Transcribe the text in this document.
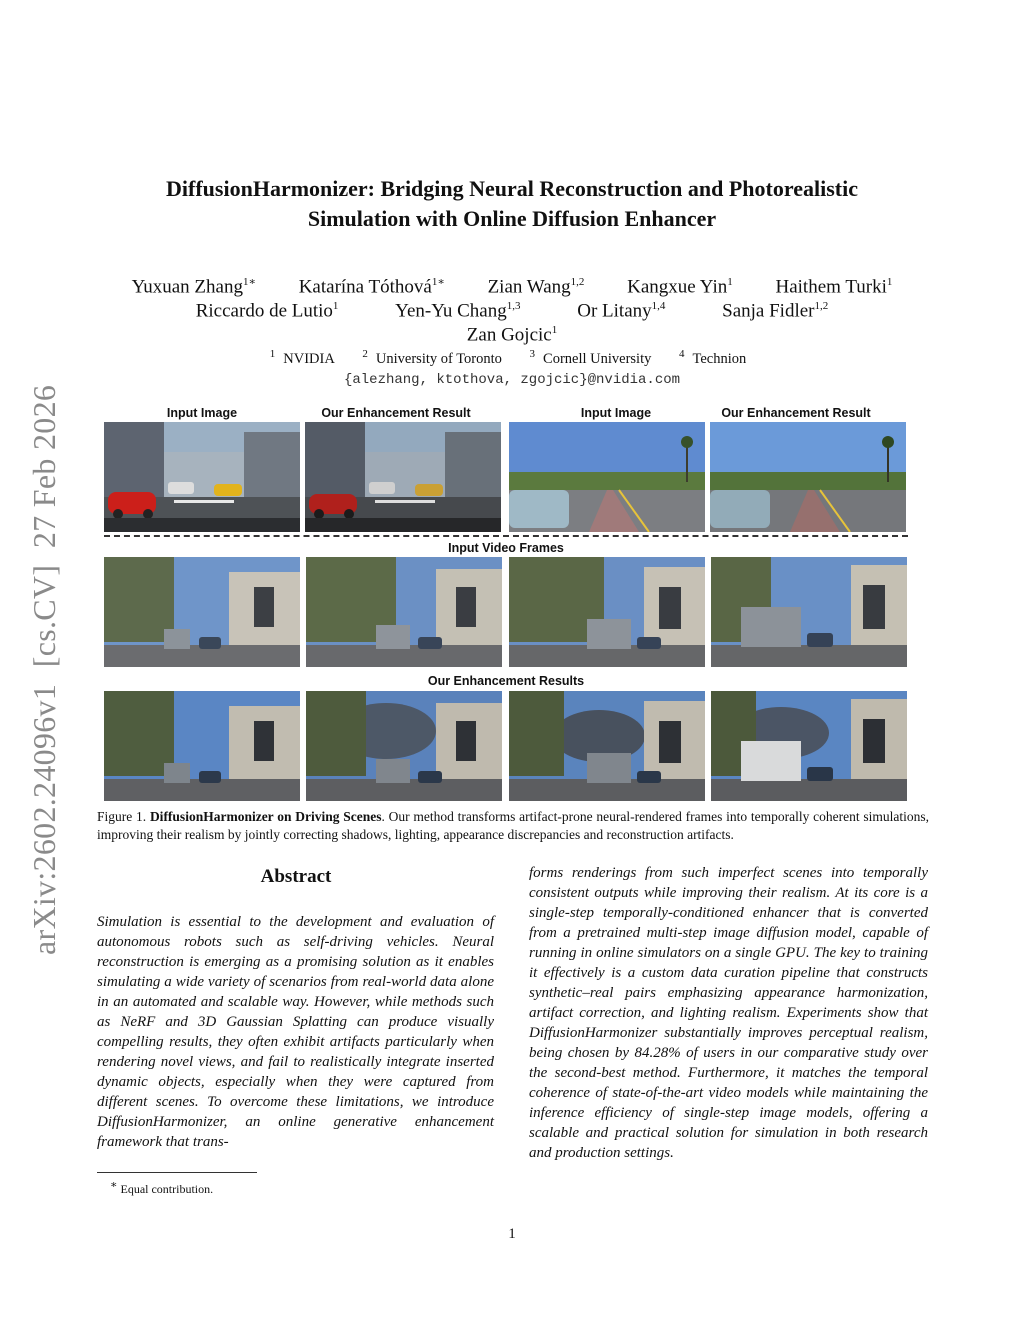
arXiv:2602.24096v1  [cs.CV]  27 Feb 2026
DiffusionHarmonizer: Bridging Neural Reconstruction and Photorealistic
Simulation with Online Diffusion Enhancer
Yuxuan Zhang$^{1∗}$ Katarína Tóthová$^{1∗}$ Zian Wang$^{1,2}$ Kangxue Yin$^1$ Haithem Turki$^1$
Riccardo de Lutio$^1$	Yen-Yu Chang$^{1,3}$	Or Litany$^{1,4}$	Sanja Fidler$^{1,2}$
Zan Gojcic$^1$
$^1$ NVIDIA	$^2$ University of Toronto	$^3$ Cornell University	$^4$ Technion
{alezhang, ktothova, zgojcic}@nvidia.com
Input Image	Our Enhancement Result	Input Image	Our Enhancement Result
Input Video Frames
Our Enhancement Results
Figure 1. DiffusionHarmonizer on Driving Scenes. Our method transforms artifact-prone neural-rendered frames into temporally coherent simulations, improving their realism by jointly correcting shadows, lighting, appearance discrepancies and reconstruction artifacts.
Abstract
Simulation is essential to the development and evaluation of autonomous robots such as self-driving vehicles. Neural reconstruction is emerging as a promising solution as it enables simulating a wide variety of scenarios from real-world data alone in an automated and scalable way. However, while methods such as NeRF and 3D Gaussian Splatting can produce visually compelling results, they often exhibit artifacts particularly when rendering novel views, and fail to realistically integrate inserted dynamic objects, especially when they were captured from different scenes. To overcome these limitations, we introduce DiffusionHarmonizer, an online generative enhancement framework that trans-
forms renderings from such imperfect scenes into temporally consistent outputs while improving their realism. At its core is a single-step temporally-conditioned enhancer that is converted from a pretrained multi-step image diffusion model, capable of running in online simulators on a single GPU. The key to training it effectively is a custom data curation pipeline that constructs synthetic–real pairs emphasizing appearance harmonization, artifact correction, and lighting realism. Experiments show that DiffusionHarmonizer substantially improves perceptual realism, being chosen by 84.28% of users in our comparative study over the second-best method. Furthermore, it matches the temporal coherence of state-of-the-art video models while maintaining the inference efficiency of single-step image models, offering a scalable and practical solution for simulation in both research and production settings.
∗ Equal contribution.
1
